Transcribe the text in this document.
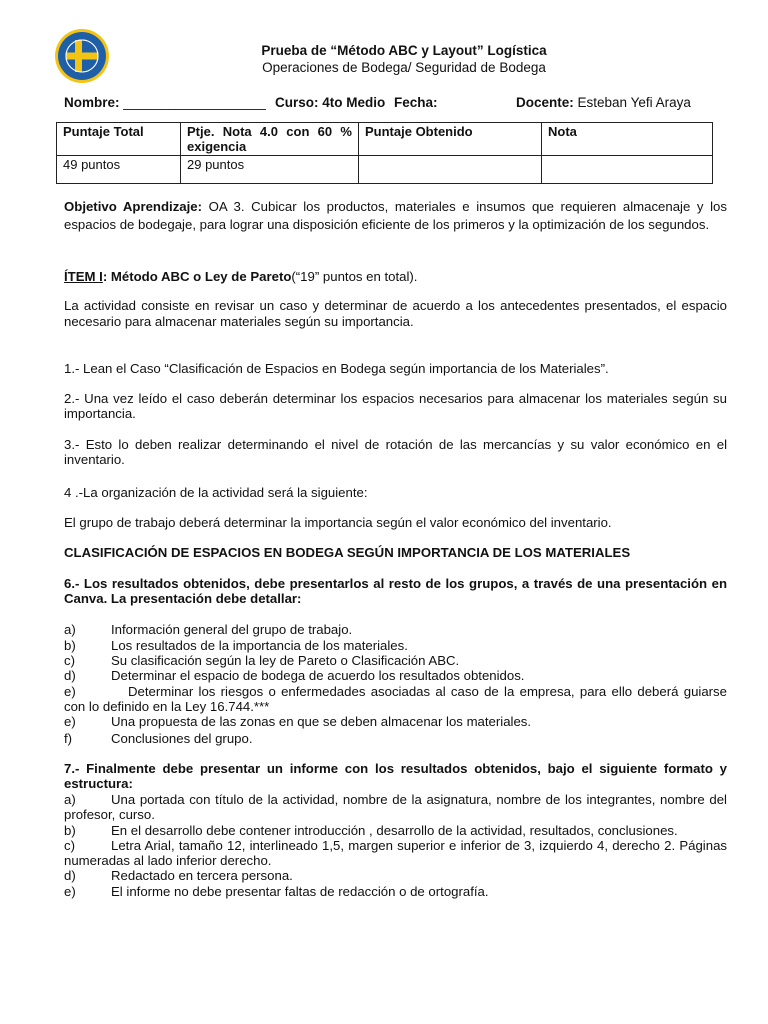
Prueba de “Método ABC y Layout” Logística
Operaciones de Bodega/ Seguridad de Bodega
Nombre: ___________________ Curso: 4to Medio Fecha:	Docente: Esteban Yefi Araya
Puntaje Total	Ptje. Nota 4.0 con 60 % exigencia	Puntaje Obtenido	Nota
49 puntos	29 puntos		
Objetivo Aprendizaje: OA 3. Cubicar los productos, materiales e insumos que requieren almacenaje y los espacios de bodegaje, para lograr una disposición eficiente de los primeros y la optimización de los segundos.
ÍTEM I: Método ABC o Ley de Pareto(“19” puntos en total).
La actividad consiste en revisar un caso y determinar de acuerdo a los antecedentes presentados, el espacio necesario para almacenar materiales según su importancia.
1.- Lean el Caso “Clasificación de Espacios en Bodega según importancia de los Materiales”.
2.- Una vez leído el caso deberán determinar los espacios necesarios para almacenar los materiales según su importancia.
3.- Esto lo deben realizar determinando el nivel de rotación de las mercancías y su valor económico en el inventario.
4 .-La organización de la actividad será la siguiente:
El grupo de trabajo deberá determinar la importancia según el valor económico del inventario.
CLASIFICACIÓN DE ESPACIOS EN BODEGA SEGÚN IMPORTANCIA DE LOS MATERIALES
6.- Los resultados obtenidos, debe presentarlos al resto de los grupos, a través de una presentación en Canva. La presentación debe detallar:
a)	Información general del grupo de trabajo.
b)	Los resultados de la importancia de los materiales.
c)	Su clasificación según la ley de Pareto o Clasificación ABC.
d)	Determinar el espacio de bodega de acuerdo los resultados obtenidos.
e)	Determinar los riesgos o enfermedades asociadas al caso de la empresa, para ello deberá guiarse con lo definido en la Ley 16.744.***
e)	Una propuesta de las zonas en que se deben almacenar los materiales.
f)	Conclusiones del grupo.
7.- Finalmente debe presentar un informe con los resultados obtenidos, bajo el siguiente formato y estructura:
a)	Una portada con título de la actividad, nombre de la asignatura, nombre de los integrantes, nombre del profesor, curso.
b)	En el desarrollo debe contener introducción , desarrollo de la actividad, resultados, conclusiones.
c)	Letra Arial, tamaño 12, interlineado 1,5, margen superior e inferior de 3, izquierdo 4, derecho 2. Páginas numeradas al lado inferior derecho.
d)	Redactado en tercera persona.
e)	El informe no debe presentar faltas de redacción o de ortografía.
